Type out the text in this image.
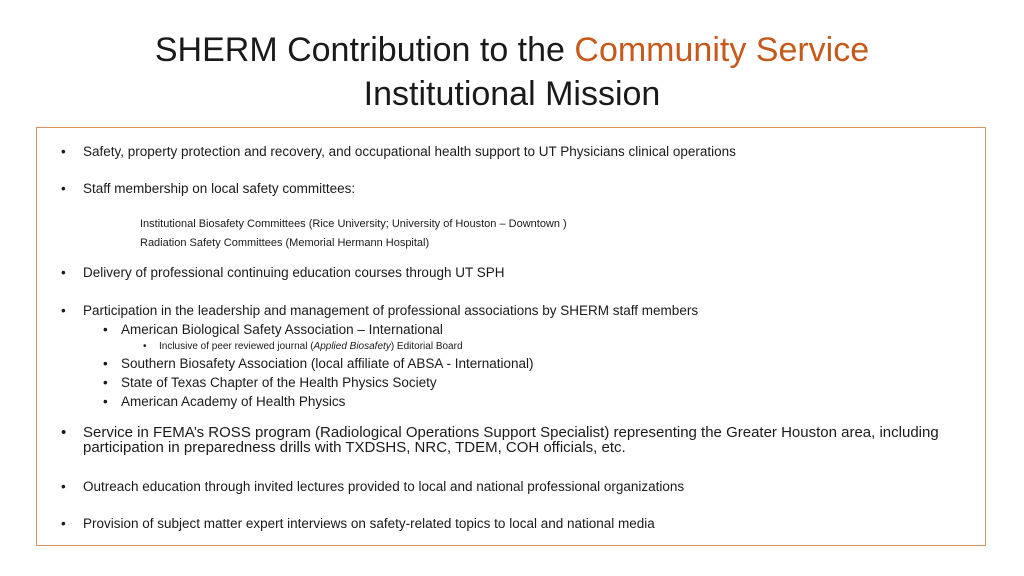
SHERM Contribution to the Community Service
Institutional Mission
• Safety, property protection and recovery, and occupational health support to UT Physicians clinical operations
• Staff membership on local safety committees:
Institutional Biosafety Committees (Rice University; University of Houston – Downtown )
Radiation Safety Committees (Memorial Hermann Hospital)
• Delivery of professional continuing education courses through UT SPH
• Participation in the leadership and management of professional associations by SHERM staff members
• American Biological Safety Association – International
• Inclusive of peer reviewed journal (Applied Biosafety) Editorial Board
• Southern Biosafety Association (local affiliate of ABSA - International)
• State of Texas Chapter of the Health Physics Society
• American Academy of Health Physics
• Service in FEMA’s ROSS program (Radiological Operations Support Specialist) representing the Greater Houston area, including participation in preparedness drills with TXDSHS, NRC, TDEM, COH officials, etc.
• Outreach education through invited lectures provided to local and national professional organizations
• Provision of subject matter expert interviews on safety-related topics to local and national media
